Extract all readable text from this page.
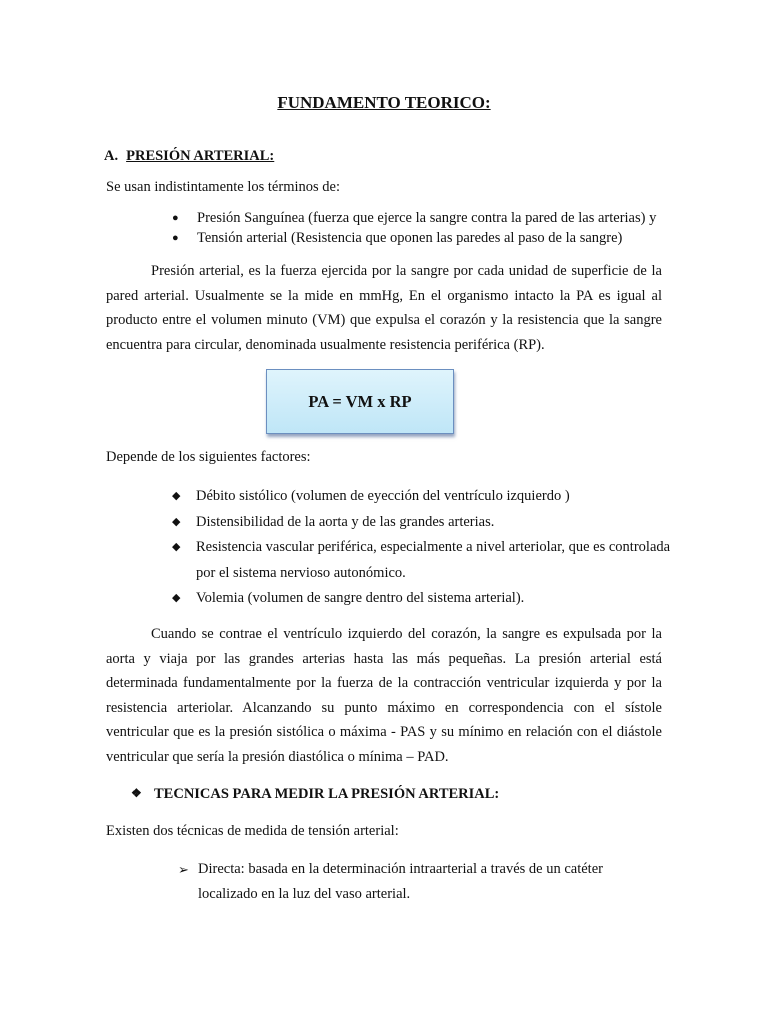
FUNDAMENTO TEORICO:
A. PRESIÓN ARTERIAL:
Se usan indistintamente los términos de:
●	Presión Sanguínea (fuerza que ejerce la sangre contra la pared de las arterias) y
●	Tensión arterial (Resistencia que oponen las paredes al paso de la sangre)
Presión arterial, es la fuerza ejercida por la sangre por cada unidad de superficie de la pared arterial. Usualmente se la mide en mmHg, En el organismo intacto la PA es igual al producto entre el volumen minuto (VM) que expulsa el corazón y la resistencia que la sangre encuentra para circular, denominada usualmente resistencia periférica (RP).
PA = VM x RP
Depende de los siguientes factores:
◆	Débito sistólico (volumen de eyección del ventrículo izquierdo )
◆	Distensibilidad de la aorta y de las grandes arterias.
◆	Resistencia vascular periférica, especialmente a nivel arteriolar, que es controlada por el sistema nervioso autonómico.
◆	Volemia (volumen de sangre dentro del sistema arterial).
Cuando se contrae el ventrículo izquierdo del corazón, la sangre es expulsada por la aorta y viaja por las grandes arterias hasta las más pequeñas. La presión arterial está determinada fundamentalmente por la fuerza de la contracción ventricular izquierda y por la resistencia arteriolar. Alcanzando su punto máximo en correspondencia con el sístole ventricular que es la presión sistólica o máxima - PAS y su mínimo en relación con el diástole ventricular que sería la presión diastólica o mínima – PAD.
❖ TECNICAS PARA MEDIR LA PRESIÓN ARTERIAL:
Existen dos técnicas de medida de tensión arterial:
➢ Directa: basada en la determinación intraarterial a través de un catéter localizado en la luz del vaso arterial.
